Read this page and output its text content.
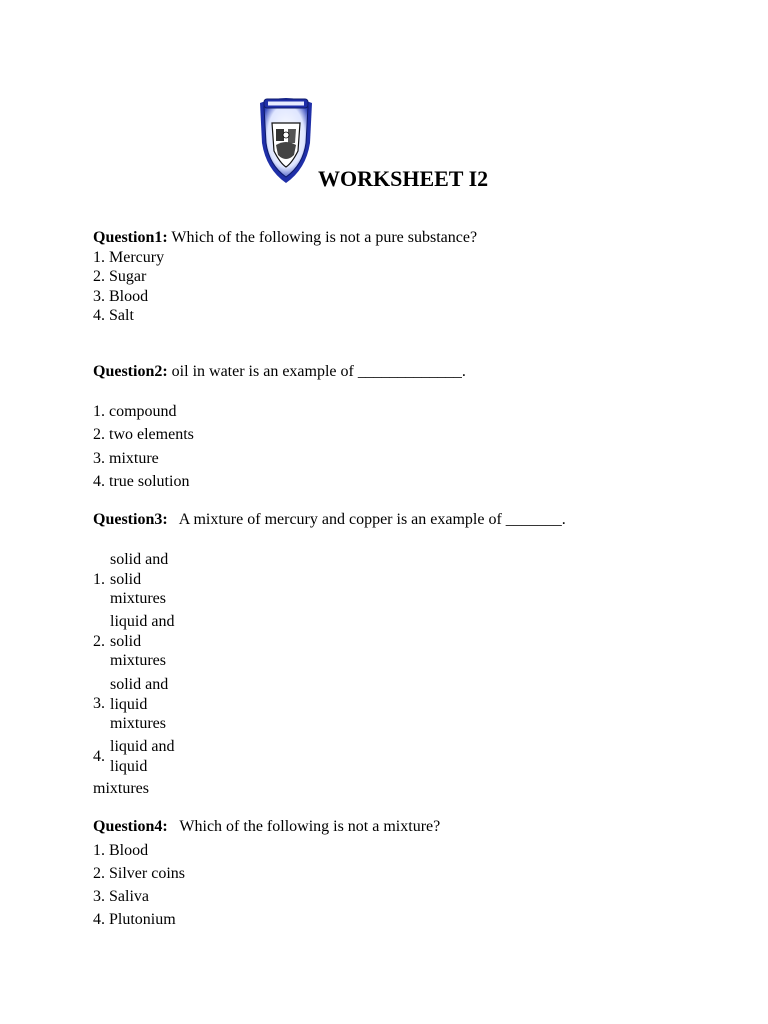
WORKSHEET I2
Question1: Which of the following is not a pure substance?
1. Mercury
2. Sugar
3. Blood
4. Salt
Question2: oil in water is an example of _____________.
1. compound
2. two elements
3. mixture
4. true solution
Question3: A mixture of mercury and copper is an example of _______.
1.
solid and
solid
mixtures
2.
liquid and
solid
mixtures
3.
solid and
liquid
mixtures
4.
liquid and
liquid
mixtures
Question4: Which of the following is not a mixture?
1. Blood
2. Silver coins
3. Saliva
4. Plutonium
